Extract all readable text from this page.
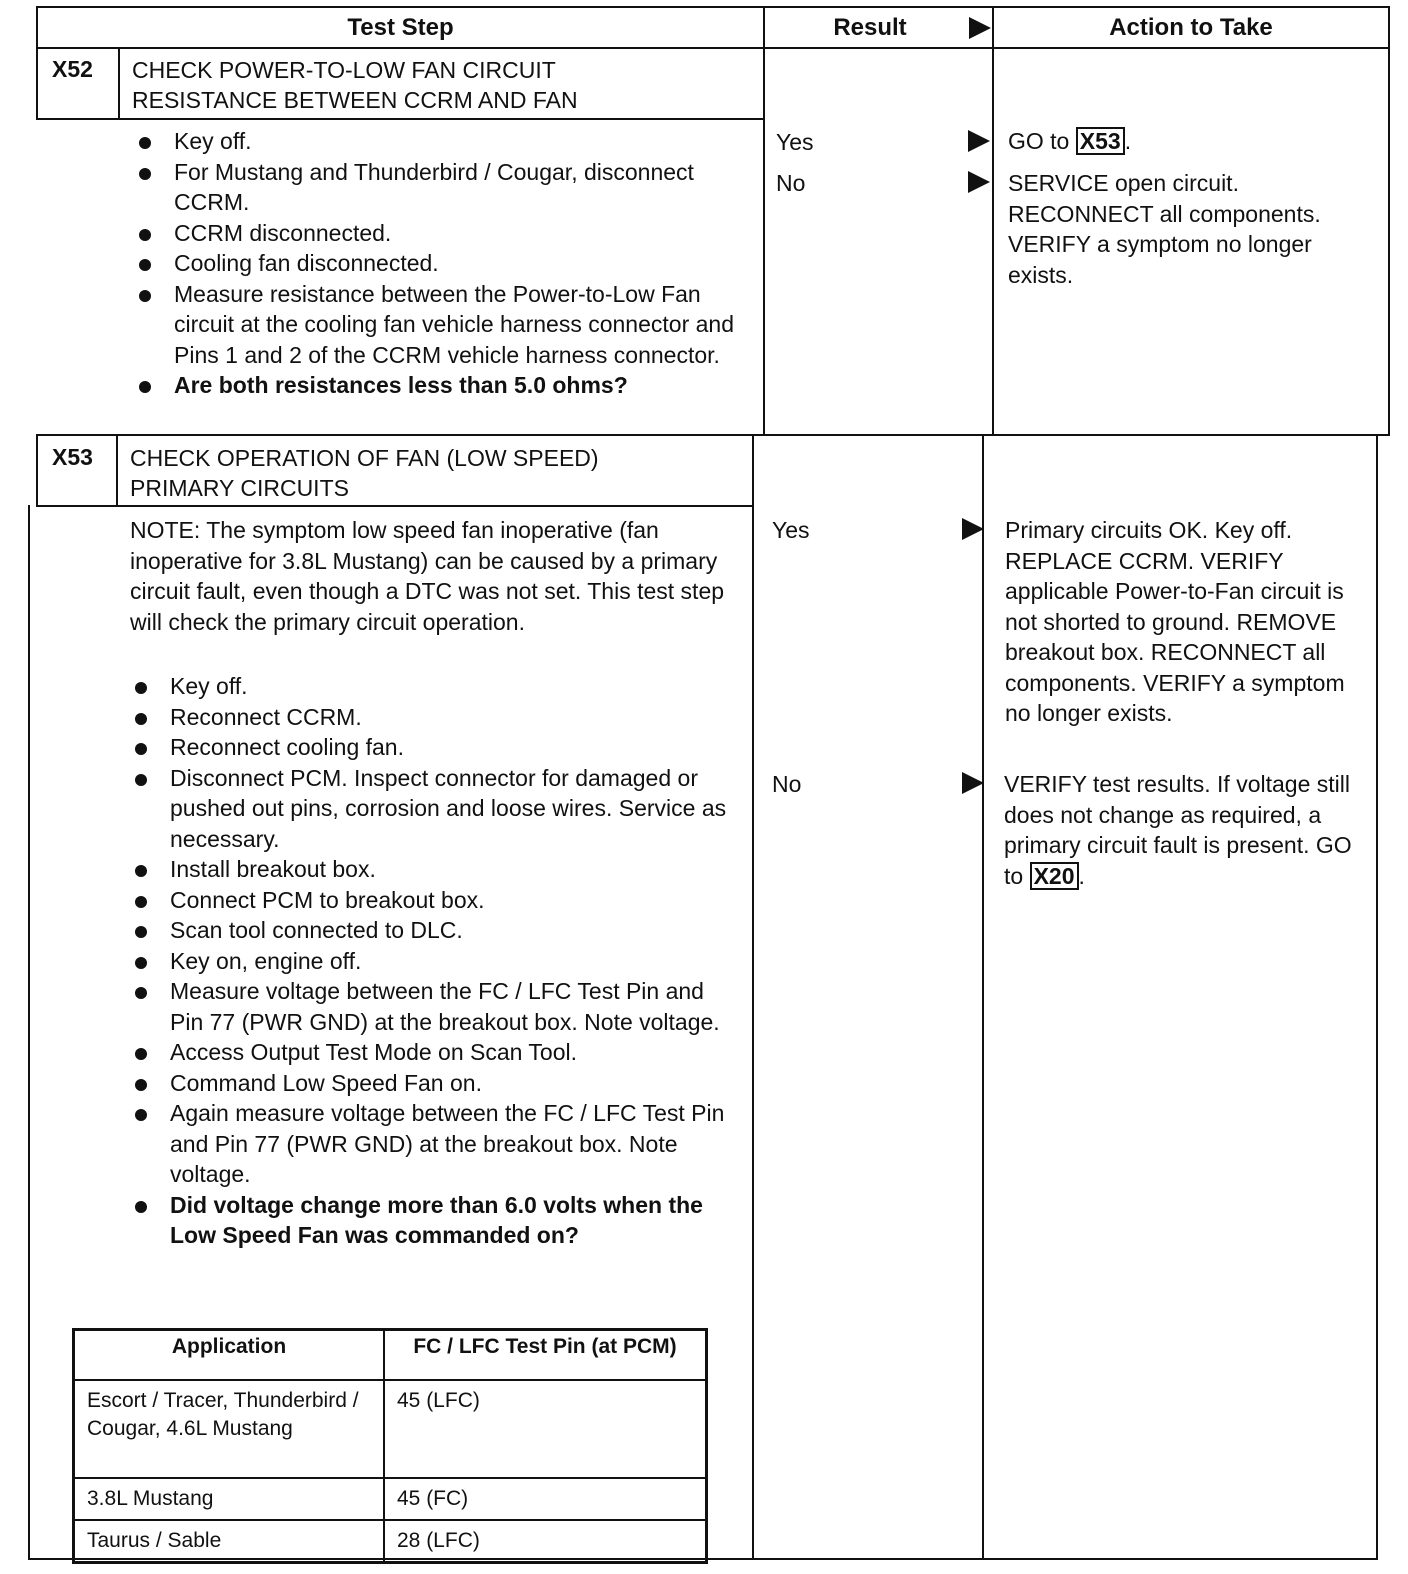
Test Step	Result	Action to Take
X52 CHECK POWER-TO-LOW FAN CIRCUIT
RESISTANCE BETWEEN CCRM AND FAN
Key off.
For Mustang and Thunderbird / Cougar, disconnect CCRM.
CCRM disconnected.
Cooling fan disconnected.
Measure resistance between the Power-to-Low Fan circuit at the cooling fan vehicle harness connector and Pins 1 and 2 of the CCRM vehicle harness connector.
Are both resistances less than 5.0 ohms?
Yes	GO to X53 .
No	SERVICE open circuit. RECONNECT all components. VERIFY a symptom no longer exists.
X53 CHECK OPERATION OF FAN (LOW SPEED)
PRIMARY CIRCUITS
NOTE: The symptom low speed fan inoperative (fan inoperative for 3.8L Mustang) can be caused by a primary circuit fault, even though a DTC was not set. This test step will check the primary circuit operation.
Key off.
Reconnect CCRM.
Reconnect cooling fan.
Disconnect PCM. Inspect connector for damaged or pushed out pins, corrosion and loose wires. Service as necessary.
Install breakout box.
Connect PCM to breakout box.
Scan tool connected to DLC.
Key on, engine off.
Measure voltage between the FC / LFC Test Pin and Pin 77 (PWR GND) at the breakout box. Note voltage.
Access Output Test Mode on Scan Tool.
Command Low Speed Fan on.
Again measure voltage between the FC / LFC Test Pin and Pin 77 (PWR GND) at the breakout box. Note voltage.
Did voltage change more than 6.0 volts when the Low Speed Fan was commanded on?
Yes	Primary circuits OK. Key off. REPLACE CCRM. VERIFY applicable Power-to-Fan circuit is not shorted to ground. REMOVE breakout box. RECONNECT all components. VERIFY a symptom no longer exists.
No	VERIFY test results. If voltage still does not change as required, a primary circuit fault is present. GO to X20 .
Application	FC / LFC Test Pin (at PCM)
Escort / Tracer, Thunderbird / Cougar, 4.6L Mustang	45 (LFC)
3.8L Mustang	45 (FC)
Taurus / Sable	28 (LFC)
